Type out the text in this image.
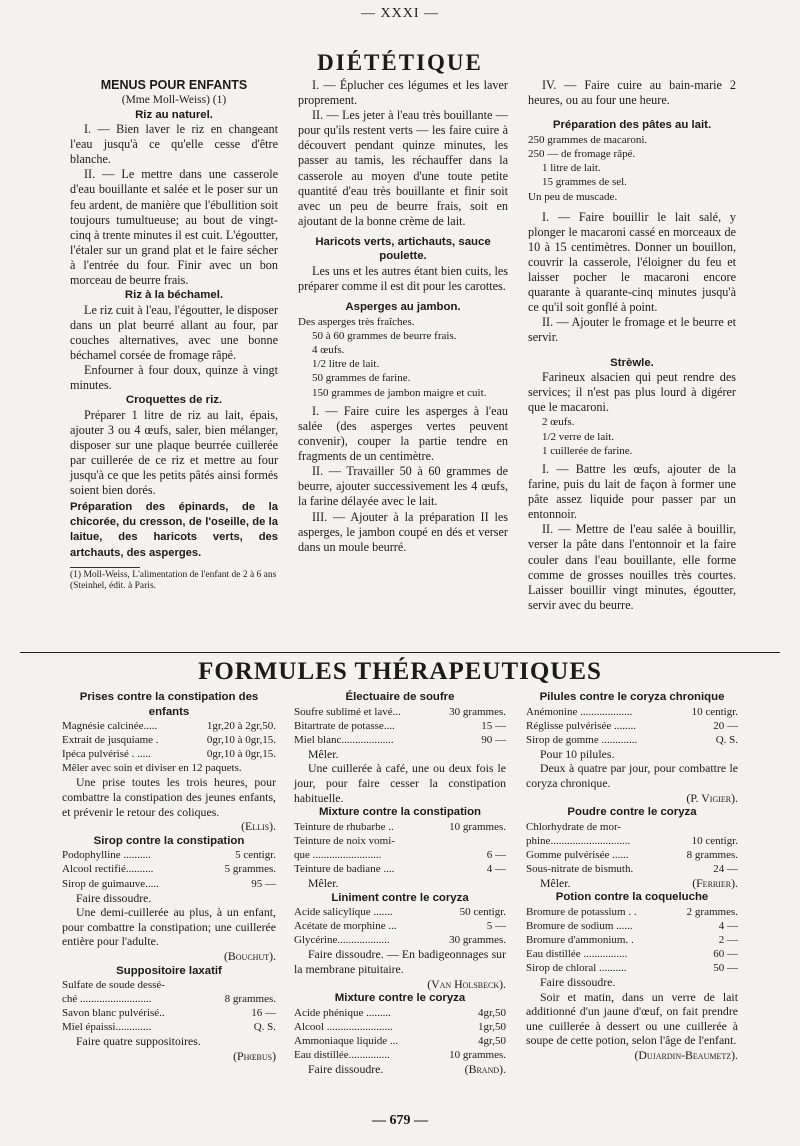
— XXXI —
DIÉTÉTIQUE

MENUS POUR ENFANTS

(Mme Moll-Weiss) (1)

Riz au naturel.

I. — Bien laver le riz en changeant l'eau jusqu'à ce qu'elle cesse d'être blanche.

II. — Le mettre dans une casserole d'eau bouillante et salée et le poser sur un feu ardent, de manière que l'ébullition soit toujours tumultueuse; au bout de vingt-cinq à trente minutes il est cuit. L'égoutter, l'étaler sur un grand plat et le faire sécher à l'entrée du four. Finir avec un bon morceau de beurre frais.

Riz à la béchamel.

Le riz cuit à l'eau, l'égoutter, le disposer dans un plat beurré allant au four, par couches alternatives, avec une bonne béchamel corsée de fromage râpé.

Enfourner à four doux, quinze à vingt minutes.

Croquettes de riz.

Préparer 1 litre de riz au lait, épais, ajouter 3 ou 4 œufs, saler, bien mélanger, disposer sur une plaque beurrée cuillerée par cuillerée de ce riz et mettre au four jusqu'à ce que les petits pâtés ainsi formés soient bien dorés.

Préparation des épinards, de la chicorée, du cresson, de l'oseille, de la laitue, des haricots verts, des artchauts, des asperges.

(1) Moll-Weiss, L'alimentation de l'enfant de 2 à 6 ans (Steinhel, édit. à Paris.

I. — Éplucher ces légumes et les laver proprement.

II. — Les jeter à l'eau très bouillante — pour qu'ils restent verts — les faire cuire à découvert pendant quinze minutes, les passer au tamis, les réchauffer dans la casserole au moyen d'une toute petite quantité d'eau très bouillante et finir soit avec un peu de beurre frais, soit en ajoutant de la bonne crème de lait.

Haricots verts, artichauts, sauce poulette.

Les uns et les autres étant bien cuits, les préparer comme il est dit pour les carottes.

Asperges au jambon.

Des asperges très fraîches.

50 à 60 grammes de beurre frais.

4 œufs.

1/2 litre de lait.

50 grammes de farine.

150 grammes de jambon maigre et cuit.

I. — Faire cuire les asperges à l'eau salée (des asperges vertes peuvent convenir), couper la partie tendre en fragments de un centimètre.

II. — Travailler 50 à 60 grammes de beurre, ajouter successivement les 4 œufs, la farine délayée avec le lait.

III. — Ajouter à la préparation II les asperges, le jambon coupé en dés et verser dans un moule beurré.

IV. — Faire cuire au bain-marie 2 heures, ou au four une heure.

Préparation des pâtes au lait.

250 grammes de macaroni.

250 — de fromage râpé.

1 litre de lait.

15 grammes de sel.

Un peu de muscade.

I. — Faire bouillir le lait salé, y plonger le macaroni cassé en morceaux de 10 à 15 centimètres. Donner un bouillon, couvrir la casserole, l'éloigner du feu et laisser pocher le macaroni encore quarante à quarante-cinq minutes jusqu'à ce qu'il soit gonflé à point.

II. — Ajouter le fromage et le beurre et servir.

Strèwle.

Farineux alsacien qui peut rendre des services; il n'est pas plus lourd à digérer que le macaroni.

2 œufs.

1/2 verre de lait.

1 cuillerée de farine.

I. — Battre les œufs, ajouter de la farine, puis du lait de façon à former une pâte assez liquide pour passer par un entonnoir.

II. — Mettre de l'eau salée à bouillir, verser la pâte dans l'entonnoir et la faire couler dans l'eau bouillante, elle forme comme de grosses nouilles très courtes. Laisser bouillir vingt minutes, égoutter, servir avec du beurre.

FORMULES THÉRAPEUTIQUES

Prises contre la constipation des enfants

Magnésie calcinée.....	1gr,20 à 2gr,50.
Extrait de jusquiame .	0gr,10 à 0gr,15.
Ipéca pulvérisé . .....	0gr,10 à 0gr,15.

Mêler avec soin et diviser en 12 paquets.

Une prise toutes les trois heures, pour combattre la constipation des jeunes enfants, et prévenir le retour des coliques.

(Ellis).

Sirop contre la constipation

Podophylline ..........	5 centigr.
Alcool rectifié..........	5 grammes.
Sirop de guimauve.....	95 —

Faire dissoudre.

Une demi-cuillerée au plus, à un enfant, pour combattre la constipation; une cuillerée entière pour l'adulte.

(Bouchut).

Suppositoire laxatif

Sulfate de soude dessé-
ché ..........................	8 grammes.
Savon blanc pulvérisé..	16 —
Miel épaissi.............	Q. S.

Faire quatre suppositoires.

(Phœbus)

Électuaire de soufre

Soufre sublimé et lavé...	30 grammes.
Bitartrate de potasse....	15 —
Miel blanc...................	90 —

Mêler.

Une cuillerée à café, une ou deux fois le jour, pour faire cesser la constipation habituelle.

Mixture contre la constipation

Teinture de rhubarbe ..	10 grammes.
Teinture de noix vomi-
que .........................	6 —
Teinture de badiane ....	4 —

Mêler.

Liniment contre le coryza

Acide salicylique .......	50 centigr.
Acétate de morphine ...	5 —
Glycérine...................	30 grammes.

Faire dissoudre. — En badigeonnages sur la membrane pituitaire.

(Van Holsbeck).

Mixture contre le coryza

Acide phénique .........	4gr,50
Alcool ........................	1gr,50
Ammoniaque liquide ...	4gr,50
Eau distillée...............	10 grammes.
Faire dissoudre.	(Brand).

Pilules contre le coryza chronique

Anémonine ...................	10 centigr.
Réglisse pulvérisée ........	20 —
Sirop de gomme .............	Q. S.

Pour 10 pilules.

Deux à quatre par jour, pour combattre le coryza chronique.

(P. Vigier).

Poudre contre le coryza

Chlorhydrate de mor-
phine.............................	10 centigr.
Gomme pulvérisée ......	8 grammes.
Sous-nitrate de bismuth.	24 —
Mêler.	(Ferrier).

Potion contre la coqueluche

Bromure de potassium . .	2 grammes.
Bromure de sodium ......	4 —
Bromure d'ammonium. .	2 —
Eau distillée ................	60 —
Sirop de chloral ..........	50 —

Faire dissoudre.

Soir et matin, dans un verre de lait additionné d'un jaune d'œuf, on fait prendre une cuillerée à dessert ou une cuillerée à soupe de cette potion, selon l'âge de l'enfant.

(Dujardin-Beaumetz).

— 679 —
